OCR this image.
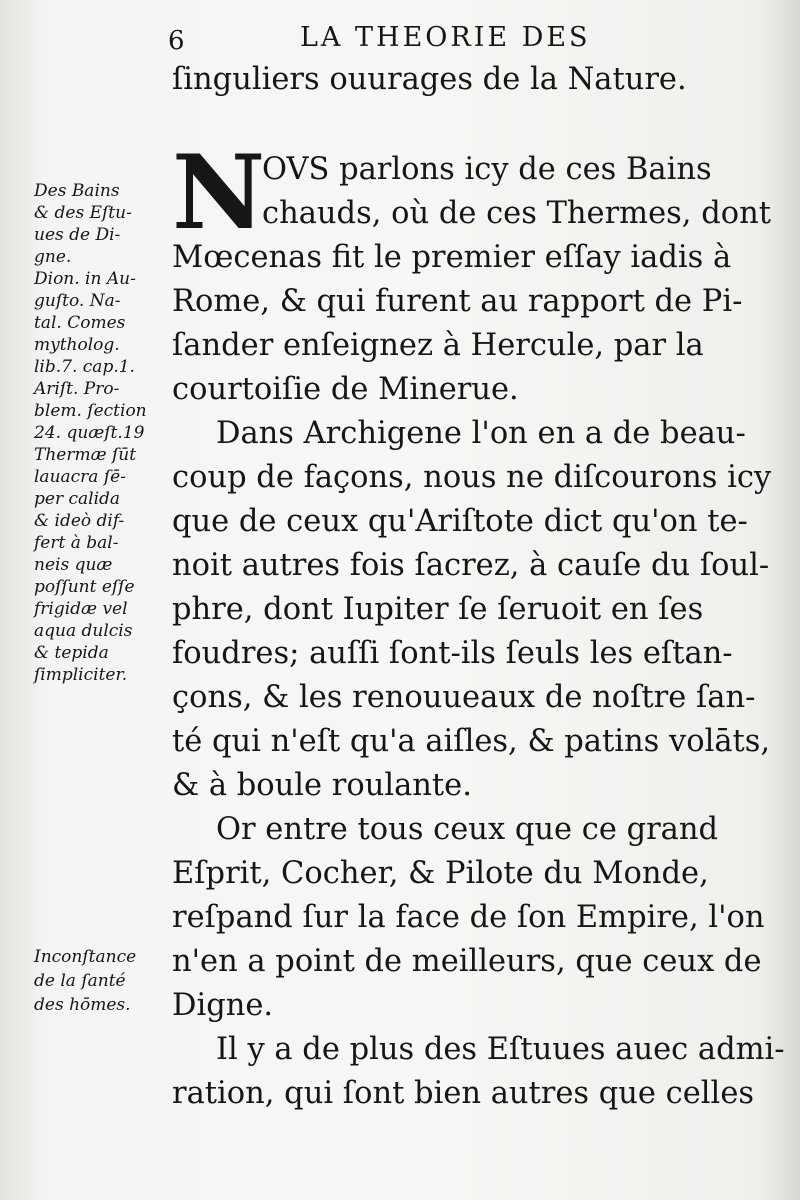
6	LA THEORIE DES
ſinguliers ouurages de la Nature.
N
OVS parlons icy de ces Bains
chauds, où de ces Thermes, dont
Mœcenas fit le premier eſſay iadis à
Rome, & qui furent au rapport de Pi-
ſander enſeignez à Hercule, par la
courtoiſie de Minerue.
Dans Archigene l'on en a de beau-
coup de façons, nous ne diſcourons icy
que de ceux qu'Ariſtote dict qu'on te-
noit autres fois ſacrez, à cauſe du ſoul-
phre, dont Iupiter ſe ſeruoit en ſes
foudres; auſſi ſont-ils ſeuls les eſtan-
çons, & les renouueaux de noſtre ſan-
té qui n'eſt qu'a aiſles, & patins volāts,
& à boule roulante.
Or entre tous ceux que ce grand
Eſprit, Cocher, & Pilote du Monde,
reſpand ſur la face de ſon Empire, l'on
n'en a point de meilleurs, que ceux de
Digne.
Il y a de plus des Eſtuues auec admi-
ration, qui ſont bien autres que celles
Des Bains
& des Eſtu-
ues de Di-
gne.
Dion. in Au-
guſto. Na-
tal. Comes
mytholog.
lib.7. cap.1.
Ariſt. Pro-
blem. ſection
24. quæſt.19
Thermæ ſūt
lauacra ſē-
per calida
& ideò dif-
fert à bal-
neis quæ
poſſunt eſſe
frigidæ vel
aqua dulcis
& tepida
ſimpliciter.
Inconſtance
de la ſanté
des hōmes.
